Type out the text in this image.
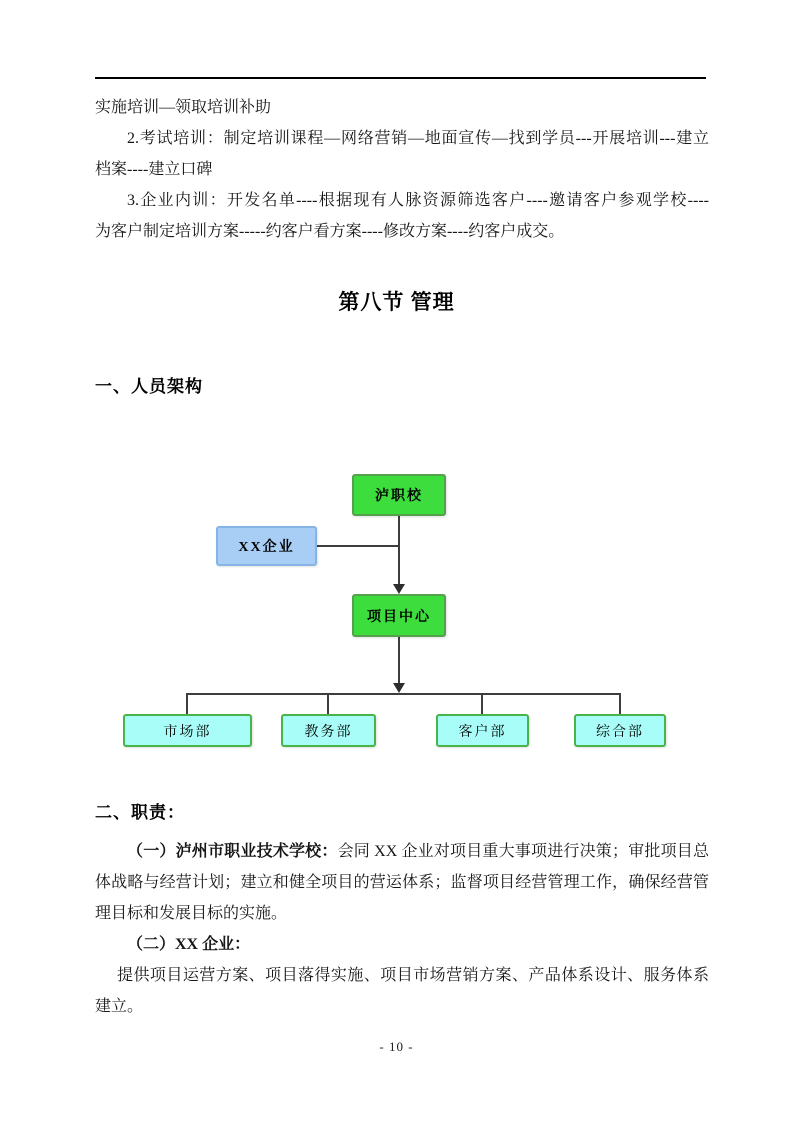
实施培训—领取培训补助
2.考试培训：制定培训课程—网络营销—地面宣传—找到学员---开展培训---建立
档案----建立口碑
3.企业内训：开发名单----根据现有人脉资源筛选客户----邀请客户参观学校----
为客户制定培训方案-----约客户看方案----修改方案----约客户成交。
第八节 管理
一、人员架构
泸职校
XX企业
项目中心
市场部	教务部	客户部	综合部
二、职责：
（一）泸州市职业技术学校：会同 XX 企业对项目重大事项进行决策；审批项目总
体战略与经营计划；建立和健全项目的营运体系；监督项目经营管理工作，确保经营管
理目标和发展目标的实施。
（二）XX 企业：
提供项目运营方案、项目落得实施、项目市场营销方案、产品体系设计、服务体系
建立。
- 10 -
